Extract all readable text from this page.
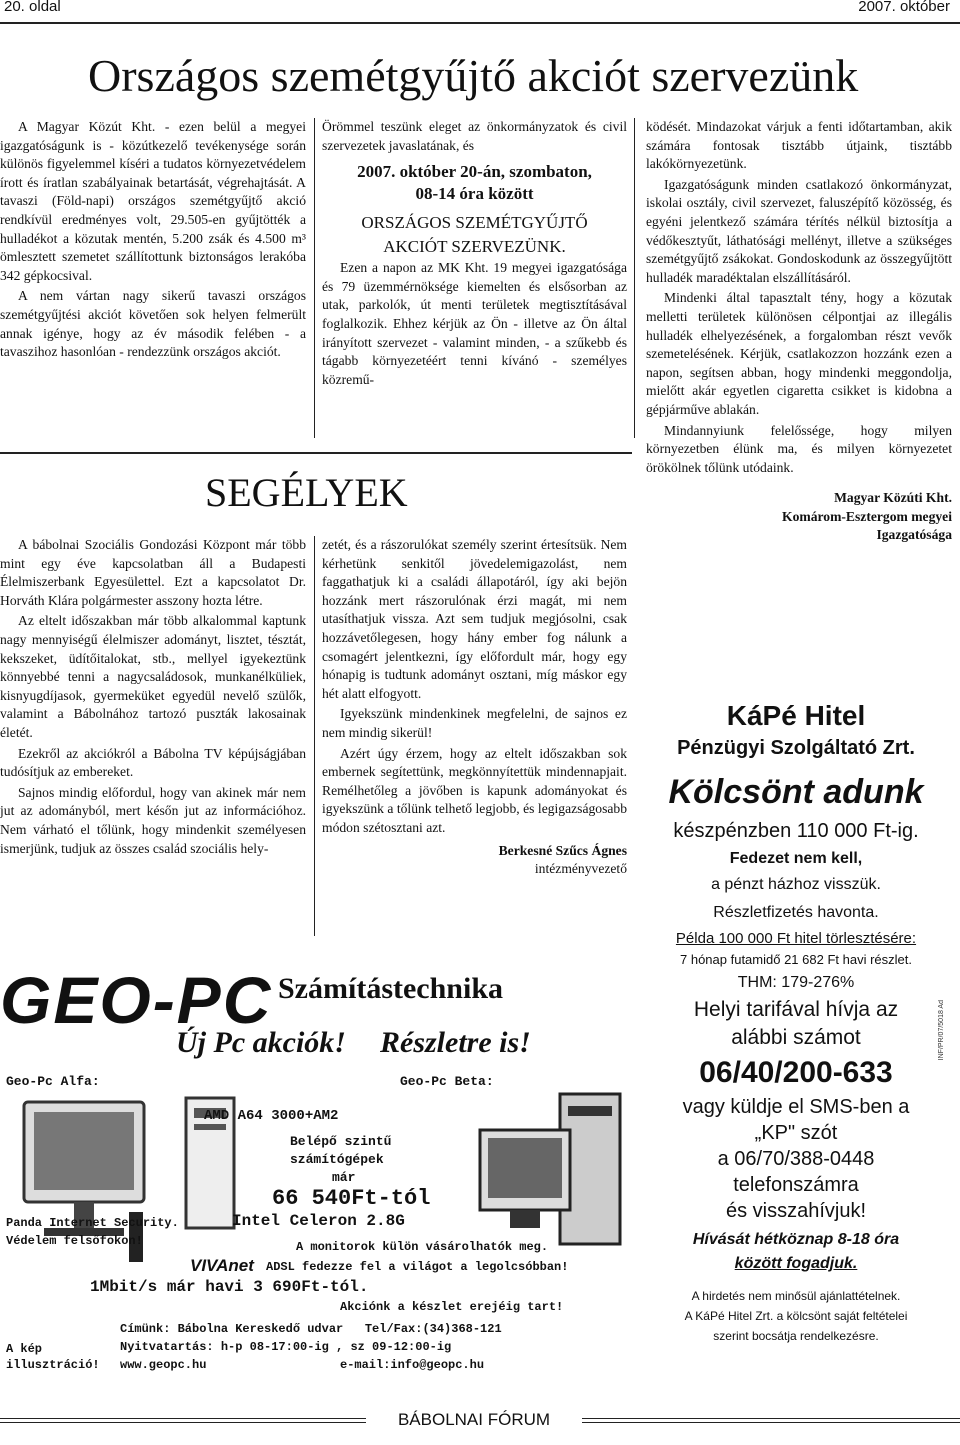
20. oldal	2007. október
Országos szemétgyűjtő akciót szervezünk

A Magyar Közút Kht. - ezen belül a megyei igazgatóságunk is - közútkezelő tevékenysége során különös figyelemmel kíséri a tudatos környezetvédelem írott és íratlan szabályainak betartását, végrehajtását. A tavaszi (Föld-napi) országos szemétgyűjtő akció rendkívül eredményes volt, 29.505-en gyűjtötték a hulladékot a közutak mentén, 5.200 zsák és 4.500 m³ ömlesztett szemetet szállítottunk biztonságos lerakóba 342 gépkocsival.

A nem vártan nagy sikerű tavaszi országos szemétgyűjtési akciót követően sok helyen felmerült annak igénye, hogy az év második felében - a tavaszihoz hasonlóan - rendezzünk országos akciót.

Örömmel teszünk eleget az önkormányzatok és civil szervezetek javaslatának, és

2007. október 20-án, szombaton,
08-14 óra között
ORSZÁGOS SZEMÉTGYŰJTŐ
AKCIÓT SZERVEZÜNK.

Ezen a napon az MK Kht. 19 megyei igazgatósága és 79 üzemmérnöksége kiemelten és elsősorban az utak, parkolók, út menti területek megtisztításával foglalkozik. Ehhez kérjük az Ön - illetve az Ön által irányított szervezet - valamint minden, - a szűkebb és tágabb környezetéért tenni kívánó - személyes közremű-

ködését. Mindazokat várjuk a fenti időtartamban, akik számára fontosak tisztább útjaink, tisztább lakókörnyezetünk.

Igazgatóságunk minden csatlakozó önkormányzat, iskolai osztály, civil szervezet, faluszépítő közösség, és egyéni jelentkező számára térítés nélkül biztosítja a védőkesztyűt, láthatósági mellényt, illetve a szükséges szemétgyűjtő zsákokat. Gondoskodunk az összegyűjtött hulladék maradéktalan elszállításáról.

Mindenki által tapasztalt tény, hogy a közutak melletti területek különösen célpontjai az illegális hulladék elhelyezésének, a forgalomban részt vevők szemetelésének. Kérjük, csatlakozzon hozzánk ezen a napon, segítsen abban, hogy mindenki meggondolja, mielőtt akár egyetlen cigaretta csikket is kidobna a gépjárműve ablakán.

Mindannyiunk felelőssége, hogy milyen környezetben élünk ma, és milyen környezetet örökölnek tőlünk utódaink.

Magyar Közúti Kht.
Komárom-Esztergom megyei
Igazgatósága
SEGÉLYEK

A bábolnai Szociális Gondozási Központ már több mint egy éve kapcsolatban áll a Budapesti Élelmiszerbank Egyesülettel. Ezt a kapcsolatot Dr. Horváth Klára polgármester asszony hozta létre.

Az eltelt időszakban már több alkalommal kaptunk nagy mennyiségű élelmiszer adományt, lisztet, tésztát, kekszeket, üdítőitalokat, stb., mellyel igyekeztünk könnyebbé tenni a nagycsaládosok, munkanélküliek, kisnyugdíjasok, gyermeküket egyedül nevelő szülők, valamint a Bábolnához tartozó puszták lakosainak életét.

Ezekről az akciókról a Bábolna TV képújságjában tudósítjuk az embereket.

Sajnos mindig előfordul, hogy van akinek már nem jut az adományból, mert későn jut az információhoz. Nem várható el tőlünk, hogy mindenkit személyesen ismerjünk, tudjuk az összes család szociális hely-

zetét, és a rászorulókat személy szerint értesítsük. Nem kérhetünk senkitől jövedelemigazolást, nem faggathatjuk ki a családi állapotáról, így aki bejön hozzánk mert rászorulónak érzi magát, mi nem utasíthatjuk vissza. Azt sem tudjuk megjósolni, csak hozzávetőlegesen, hogy hány ember fog nálunk a csomagért jelentkezni, így előfordult már, hogy egy hónapig is tudtunk adományt osztani, míg máskor egy hét alatt elfogyott.

Igyekszünk mindenkinek megfelelni, de sajnos ez nem mindig sikerül!

Azért úgy érzem, hogy az eltelt időszakban sok embernek segítettünk, megkönnyítettük mindennapjait. Remélhetőleg a jövőben is kapunk adományokat és igyekszünk a tőlünk telhető legjobb, és legigazságosabb módon szétosztani azt.

Berkesné Szűcs Ágnes
intézményvezető
GEO-PC Számítástechnika
Új Pc akciók! Részletre is!
Geo-Pc Alfa:	Geo-Pc Beta:
AMD A64 3000+AM2
Belépő szintű
számítógépek
már
66 540Ft-tól
Intel Celeron 2.8G
Panda Internet Security.
Védelem felsőfokon!	A monitorok külön vásárolhatók meg.
VIVAnet ADSL fedezze fel a világot a legolcsóbban!
1Mbit/s már havi 3 690Ft-tól.
Akciónk a készlet erejéig tart!
Címünk: Bábolna Kereskedő udvar   Tel/Fax:(34)368-121
Nyitvatartás: h-p 08-17:00-ig , sz 09-12:00-ig
www.geopc.hu	e-mail:info@geopc.hu
A kép
illusztráció!
KáPé Hitel
Pénzügyi Szolgáltató Zrt.
Kölcsönt adunk
készpénzben 110 000 Ft-ig.
Fedezet nem kell,
a pénzt házhoz visszük.
Részletfizetés havonta.
Példa 100 000 Ft hitel törlesztésére:
7 hónap futamidő 21 682 Ft havi részlet.
THM: 179-276%
Helyi tarifával hívja az
alábbi számot
06/40/200-633
vagy küldje el SMS-ben a
„KP" szót
a 06/70/388-0448
telefonszámra
és visszahívjuk!
Hívását hétköznap 8-18 óra
között fogadjuk.
A hirdetés nem minősül ajánlattételnek.
A KáPé Hitel Zrt. a kölcsönt saját feltételei
szerint bocsátja rendelkezésre.
INF/PR/07/5018 Ad
BÁBOLNAI FÓRUM
